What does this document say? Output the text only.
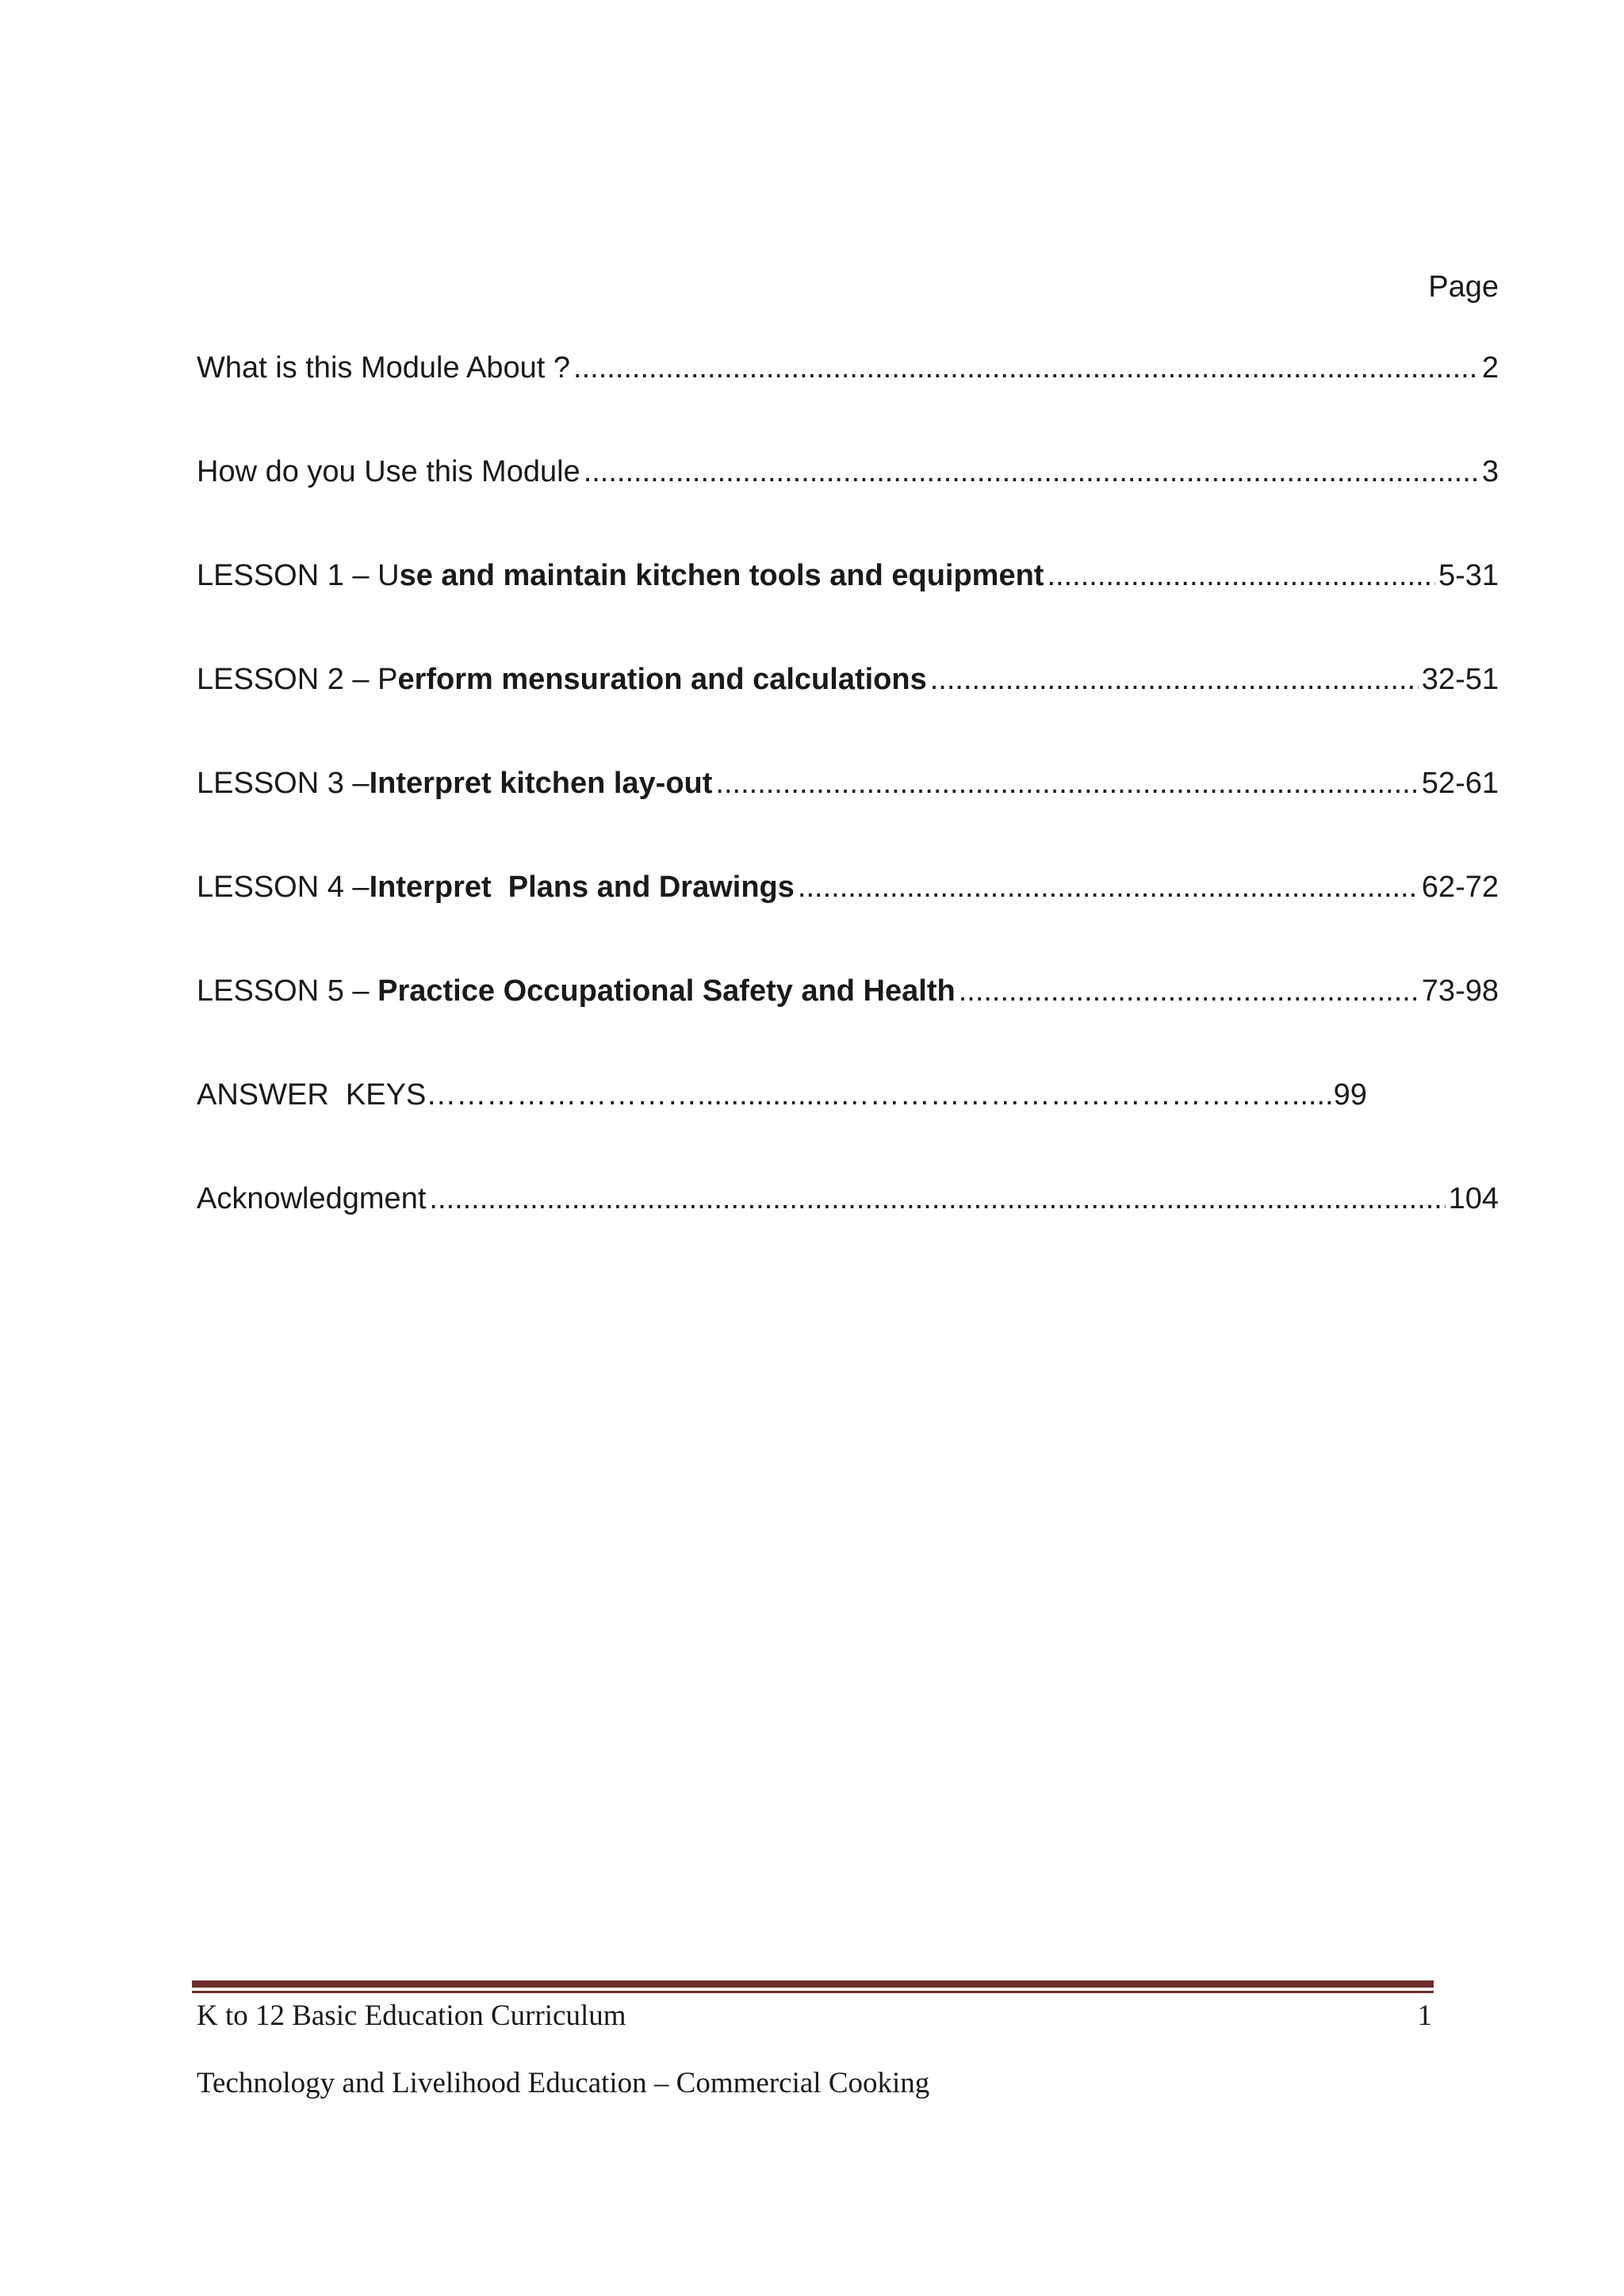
Page
What is this Module About ? .....	2
How do you Use this Module .....	3
LESSON 1 – Use and maintain kitchen tools and equipment .....	5-31
LESSON 2 – Perform mensuration and calculations .....	32-51
LESSON 3 –Interpret kitchen lay-out .....	52-61
LESSON 4 –Interpret  Plans and Drawings .....	62-72
LESSON 5 – Practice Occupational Safety and Health .....	73-98
ANSWER  KEYS……………………….................………………………………………..... 99
Acknowledgment .....	104
K to 12 Basic Education Curriculum	1
Technology and Livelihood Education – Commercial Cooking
